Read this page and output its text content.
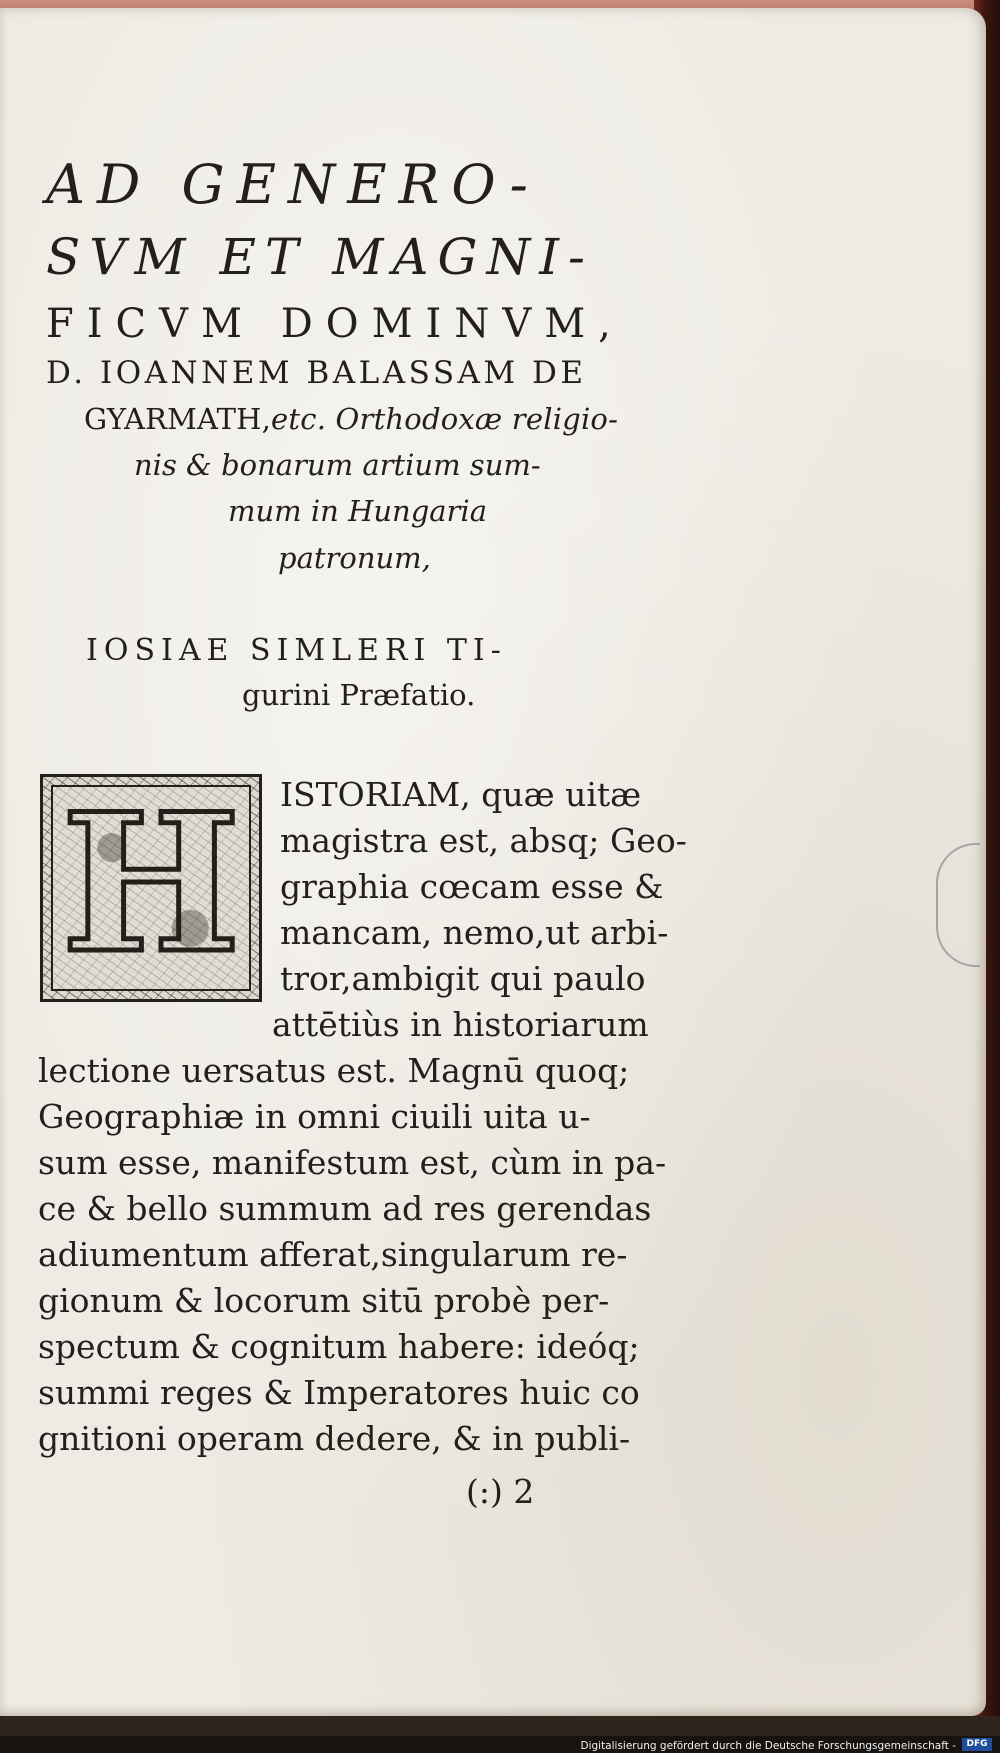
AD GENERO-
SVM ET MAGNI-
FICVM DOMINVM,
D. IOANNEM BALASSAM DE
GYARMATH,etc. Orthodoxæ religio-
nis & bonarum artium sum-
mum in Hungaria
patronum,
IOSIAE SIMLERI TI-
gurini Præfatio.
H	ISTORIAM, quæ uitæ
magistra est, absq; Geo-
graphia cœcam esse &
mancam, nemo,ut arbi-
tror,ambigit qui paulo
attētiùs in historiarum
lectione uersatus est. Magnū quoq;
Geographiæ in omni ciuili uita u-
sum esse, manifestum est, cùm in pa-
ce & bello summum ad res gerendas
adiumentum afferat,singularum re-
gionum & locorum sitū probè per-
spectum & cognitum habere: ideóq;
summi reges & Imperatores huic co
gnitioni operam dedere, & in publi-
(:) 2
Digitalisierung gefördert durch die Deutsche Forschungsgemeinschaft -	DFG
